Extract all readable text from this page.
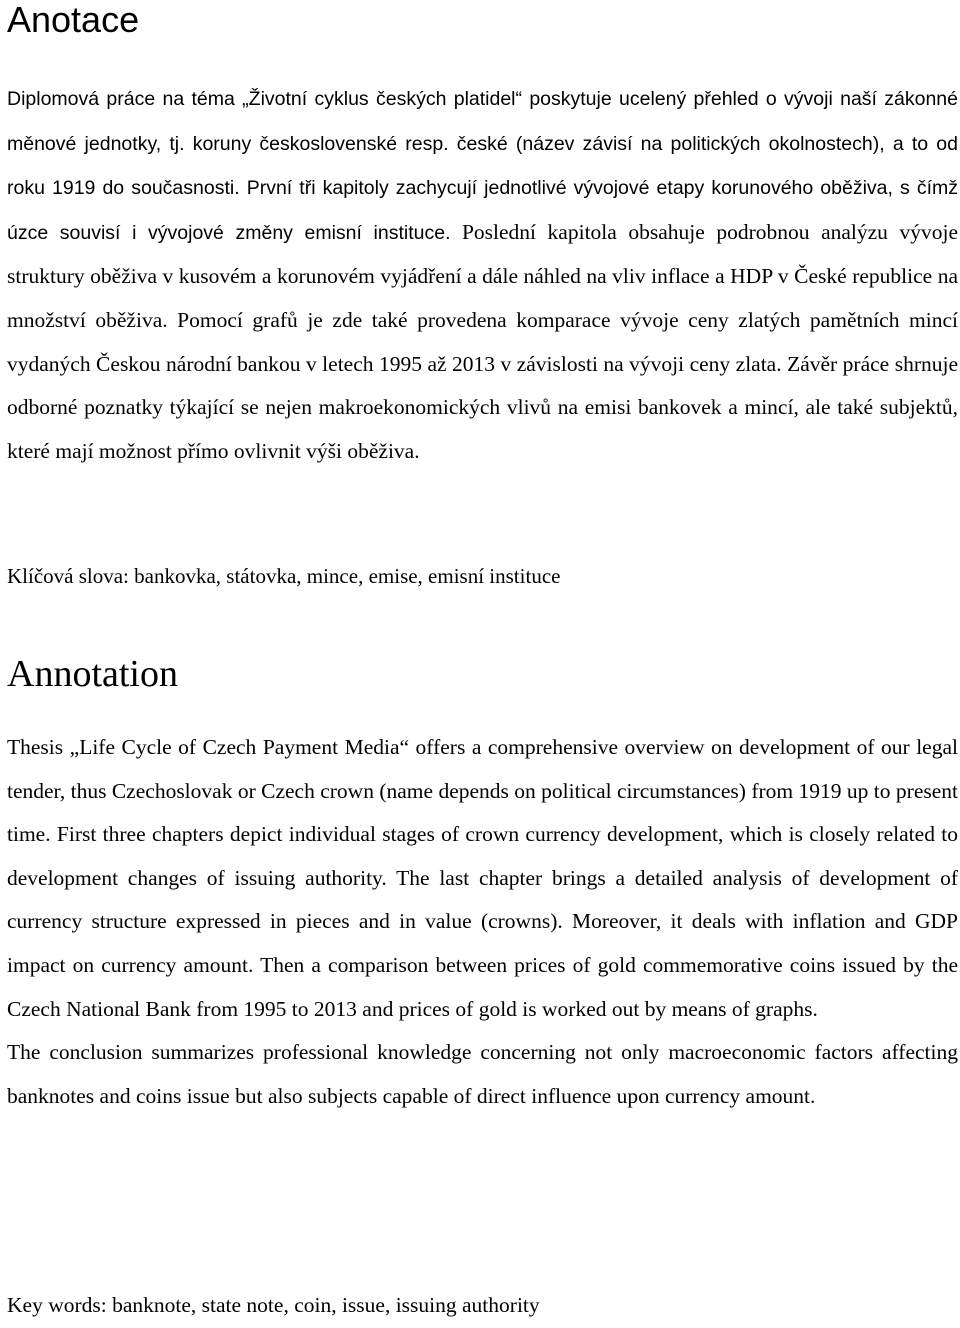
Anotace

Diplomová práce na téma „Životní cyklus českých platidel“ poskytuje ucelený přehled o vývoji naší zákonné měnové jednotky, tj. koruny československé resp. české (název závisí na politických okolnostech), a to od roku 1919 do současnosti. První tři kapitoly zachycují jednotlivé vývojové etapy korunového oběživa, s čímž úzce souvisí i vývojové změny emisní instituce. Poslední kapitola obsahuje podrobnou analýzu vývoje struktury oběživa v kusovém a korunovém vyjádření a dále náhled na vliv inflace a HDP v České republice na množství oběživa. Pomocí grafů je zde také provedena komparace vývoje ceny zlatých pamětních mincí vydaných Českou národní bankou v letech 1995 až 2013 v závislosti na vývoji ceny zlata. Závěr práce shrnuje odborné poznatky týkající se nejen makroekonomických vlivů na emisi bankovek a mincí, ale také subjektů, které mají možnost přímo ovlivnit výši oběživa.

Klíčová slova: bankovka, státovka, mince, emise, emisní instituce

Annotation

Thesis „Life Cycle of Czech Payment Media“ offers a comprehensive overview on development of our legal tender, thus Czechoslovak or Czech crown (name depends on political circumstances) from 1919 up to present time. First three chapters depict individual stages of crown currency development, which is closely related to development changes of issuing authority. The last chapter brings a detailed analysis of development of currency structure expressed in pieces and in value (crowns). Moreover, it deals with inflation and GDP impact on currency amount. Then a comparison between prices of gold commemorative coins issued by the Czech National Bank from 1995 to 2013 and prices of gold is worked out by means of graphs.

The conclusion summarizes professional knowledge concerning not only macroeconomic factors affecting banknotes and coins issue but also subjects capable of direct influence upon currency amount.

Key words: banknote, state note, coin, issue, issuing authority
